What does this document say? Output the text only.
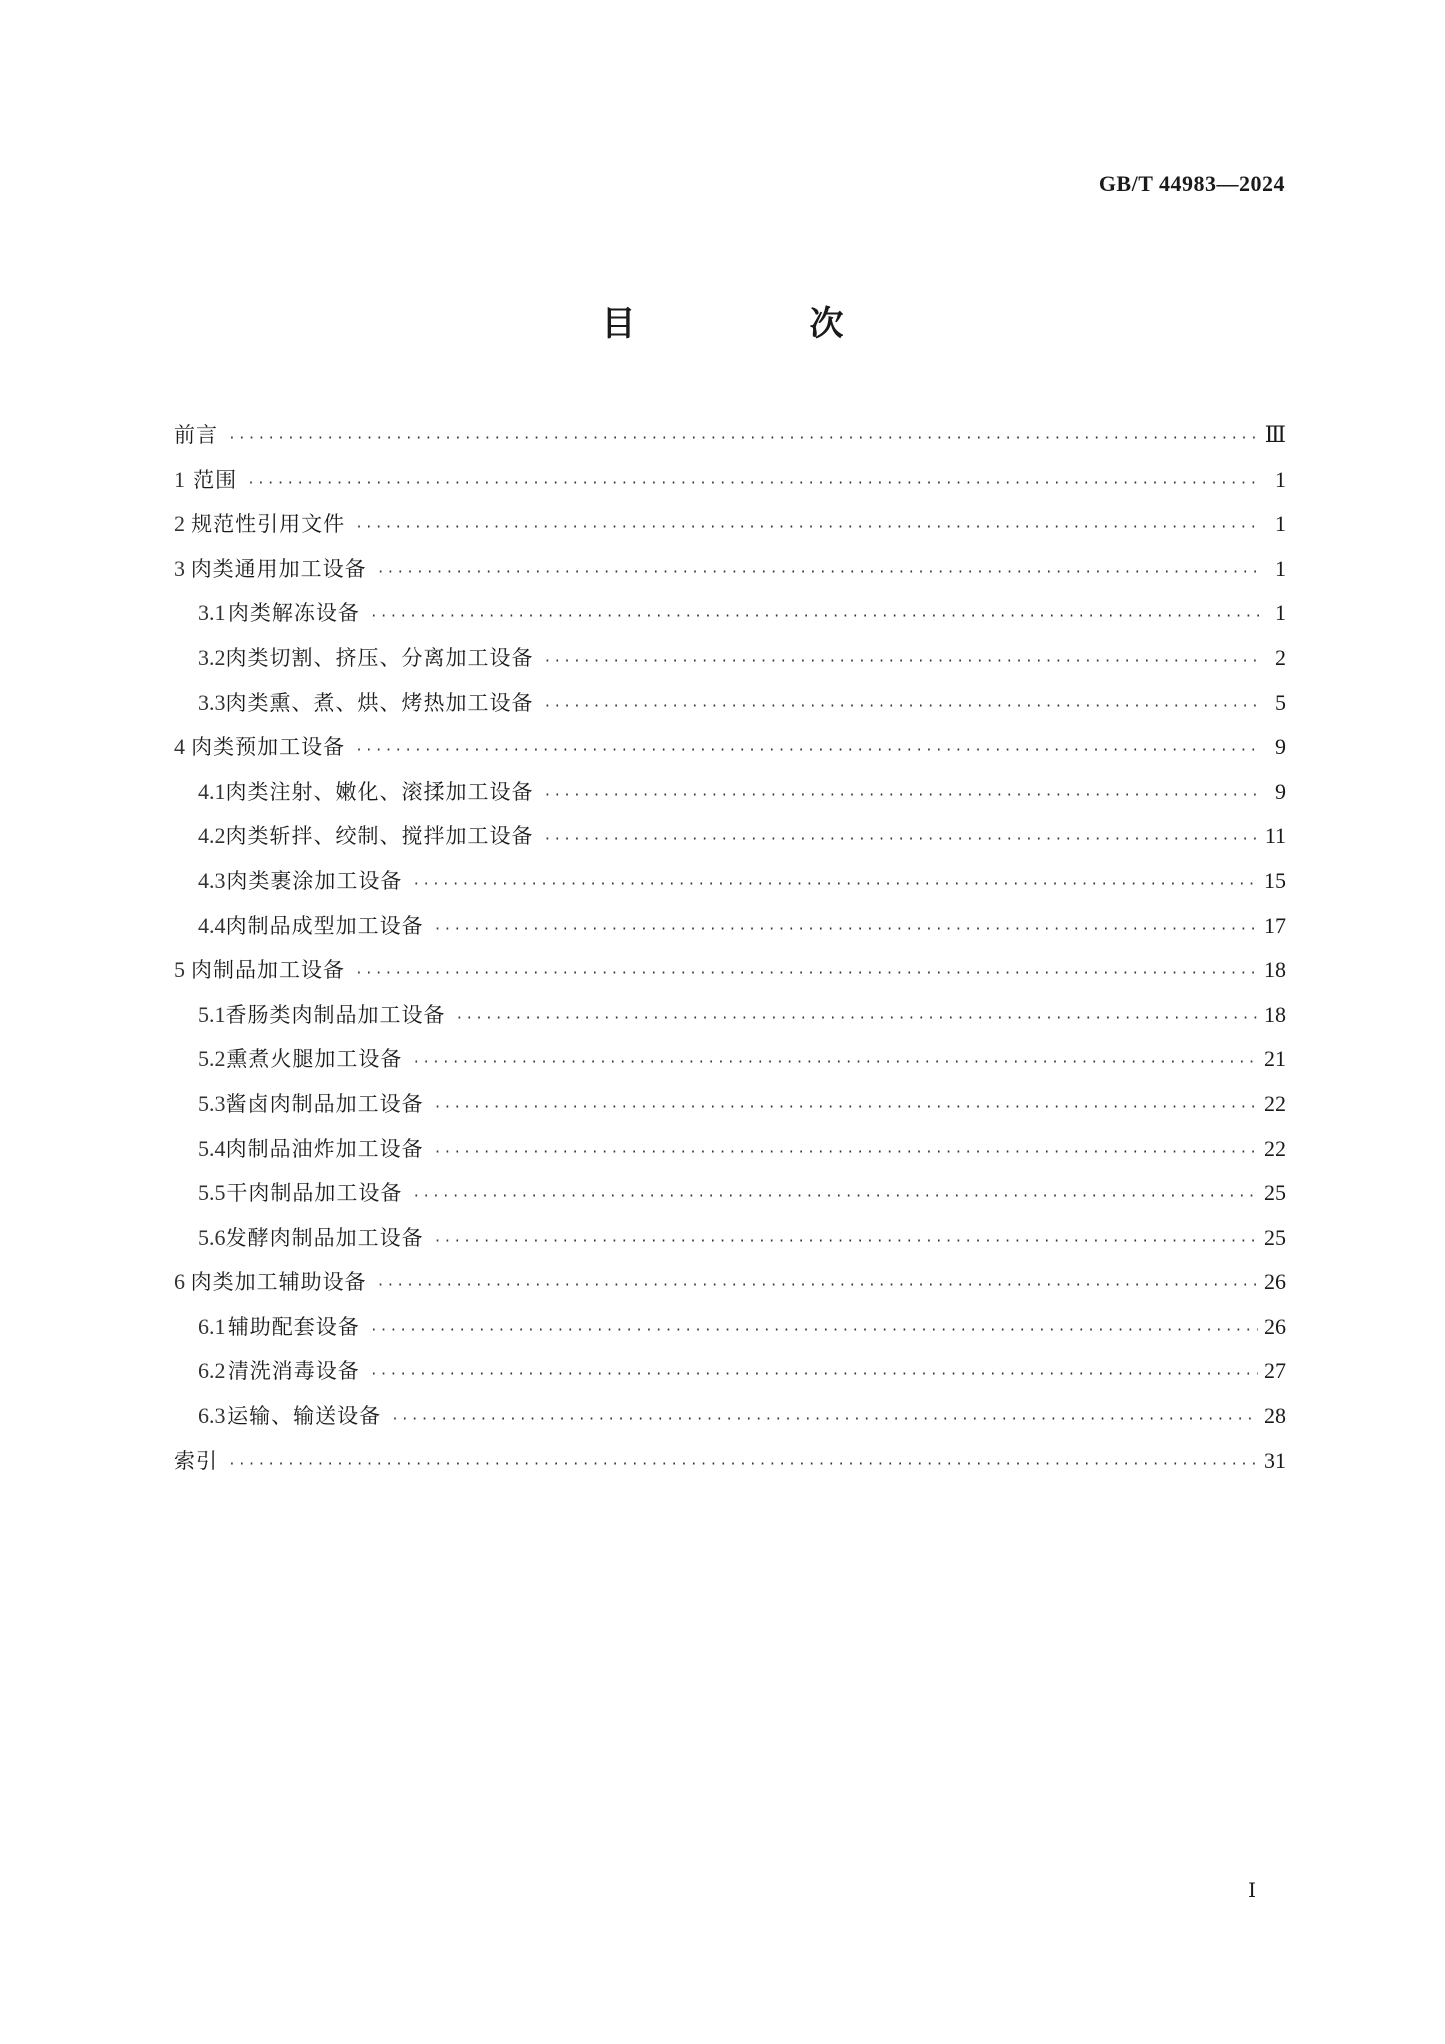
GB/T 44983—2024
目　次
前言 ·····	Ⅲ
1 范围 ·····	1
2 规范性引用文件 ·····	1
3 肉类通用加工设备 ·····	1
3.1 肉类解冻设备 ·····	1
3.2 肉类切割、挤压、分离加工设备 ·····	2
3.3 肉类熏、煮、烘、烤热加工设备 ·····	5
4 肉类预加工设备 ·····	9
4.1 肉类注射、嫩化、滚揉加工设备 ·····	9
4.2 肉类斩拌、绞制、搅拌加工设备 ·····	11
4.3 肉类裹涂加工设备 ·····	15
4.4 肉制品成型加工设备 ·····	17
5 肉制品加工设备 ·····	18
5.1 香肠类肉制品加工设备 ·····	18
5.2 熏煮火腿加工设备 ·····	21
5.3 酱卤肉制品加工设备 ·····	22
5.4 肉制品油炸加工设备 ·····	22
5.5 干肉制品加工设备 ·····	25
5.6 发酵肉制品加工设备 ·····	25
6 肉类加工辅助设备 ·····	26
6.1 辅助配套设备 ·····	26
6.2 清洗消毒设备 ·····	27
6.3 运输、输送设备 ·····	28
索引 ·····	31
Ⅰ
